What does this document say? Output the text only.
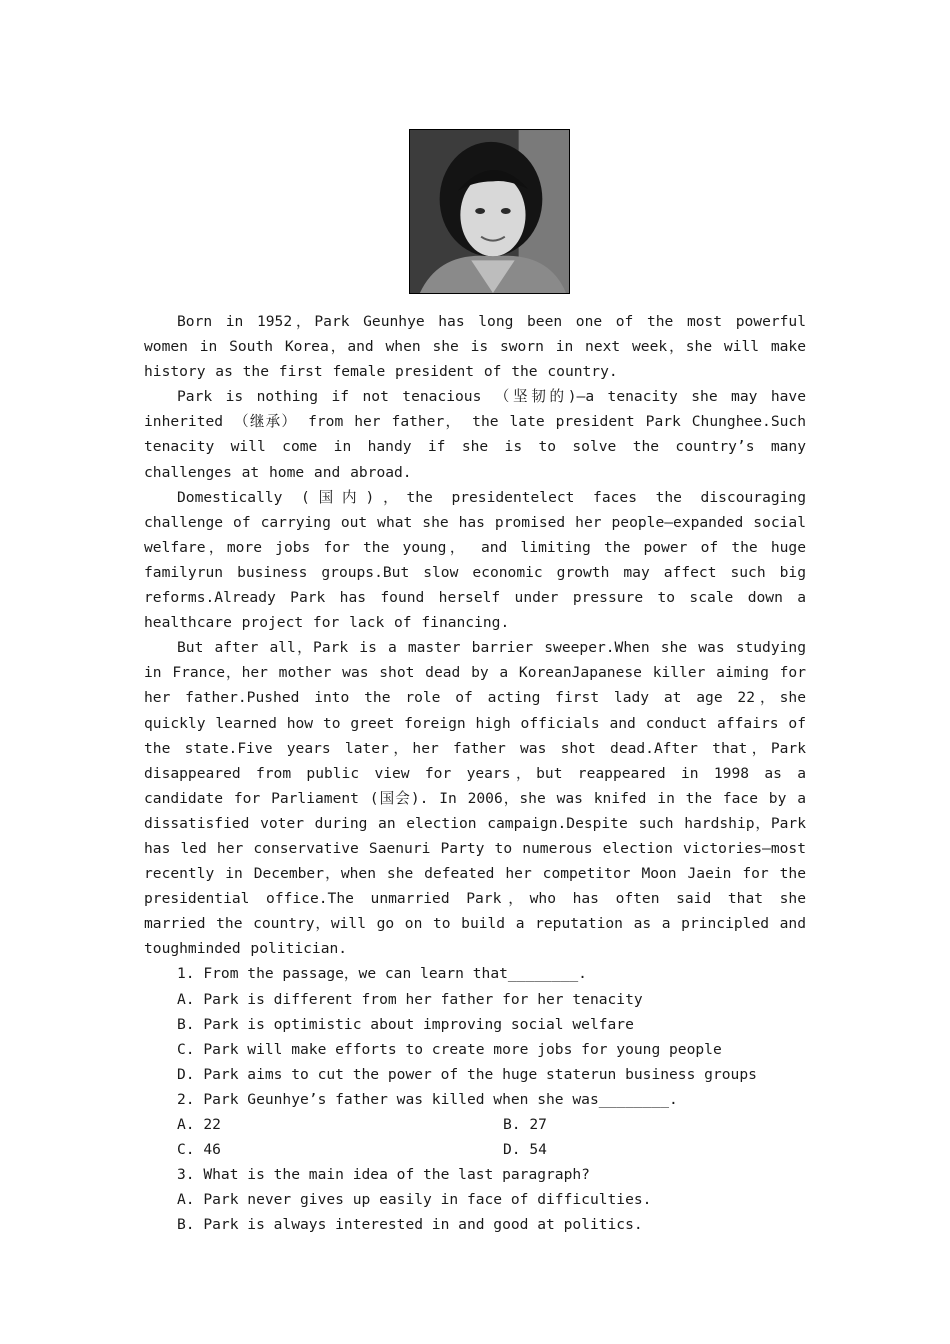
Born in 1952，Park Geunhye has long been one of the most powerful women in South Korea，and when she is sworn in next week，she will make history as the first female president of the country.

Park is nothing if not tenacious （坚韧的)—a tenacity she may have inherited （继承） from her father， the late president Park Chunghee.Such tenacity will come in handy if she is to solve the country’s many challenges at home and abroad.

Domestically (国内)，the presidentelect faces the discouraging challenge of carrying out what she has promised her people—expanded social welfare，more jobs for the young， and limiting the power of the huge familyrun business groups.But slow economic growth may affect such big reforms.Already Park has found herself under pressure to scale down a healthcare project for lack of financing.

But after all，Park is a master barrier sweeper.When she was studying in France，her mother was shot dead by a KoreanJapanese killer aiming for her father.Pushed into the role of acting first lady at age 22，she quickly learned how to greet foreign high officials and conduct affairs of the state.Five years later，her father was shot dead.After that，Park disappeared from public view for years，but reappeared in 1998 as a candidate for Parliament (国会). In 2006，she was knifed in the face by a dissatisfied voter during an election campaign.Despite such hardship，Park has led her conservative Saenuri Party to numerous election victories—most recently in December，when she defeated her competitor Moon Jaein for the presidential office.The unmarried Park，who has often said that she married the country，will go on to build a reputation as a principled and toughminded politician.

1. From the passage，we can learn that________.

A. Park is different from her father for her tenacity

B. Park is optimistic about improving social welfare

C. Park will make efforts to create more jobs for young people

D. Park aims to cut the power of the huge staterun business groups

2. Park Geunhye’s father was killed when she was________.

A. 22	B. 27
C. 46	D. 54

3. What is the main idea of the last paragraph?

A. Park never gives up easily in face of difficulties.

B. Park is always interested in and good at politics.
